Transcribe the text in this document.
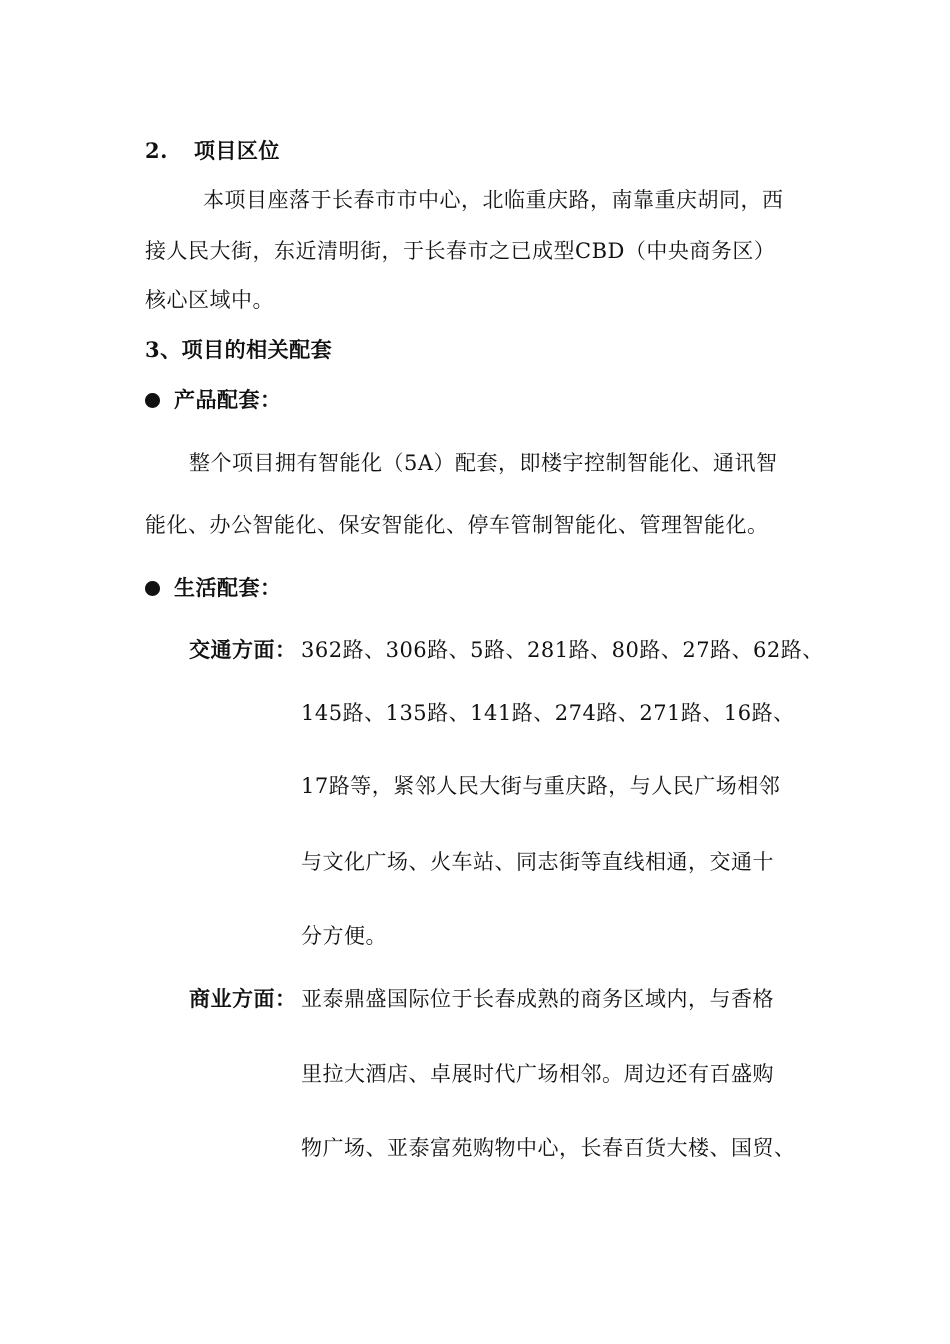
2. 项目区位
本项目座落于长春市市中心，北临重庆路，南靠重庆胡同，西
接人民大街，东近清明街，于长春市之已成型CBD（中央商务区）
核心区域中。
3、项目的相关配套
产品配套：
整个项目拥有智能化（5A）配套，即楼宇控制智能化、通讯智
能化、办公智能化、保安智能化、停车管制智能化、管理智能化。
生活配套：
交通方面： 362路、306路、5路、281路、80路、27路、62路、
145路、135路、141路、274路、271路、16路、
17路等，紧邻人民大街与重庆路，与人民广场相邻
与文化广场、火车站、同志街等直线相通，交通十
分方便。
商业方面： 亚泰鼎盛国际位于长春成熟的商务区域内，与香格
里拉大酒店、卓展时代广场相邻。周边还有百盛购
物广场、亚泰富苑购物中心，长春百货大楼、国贸、
